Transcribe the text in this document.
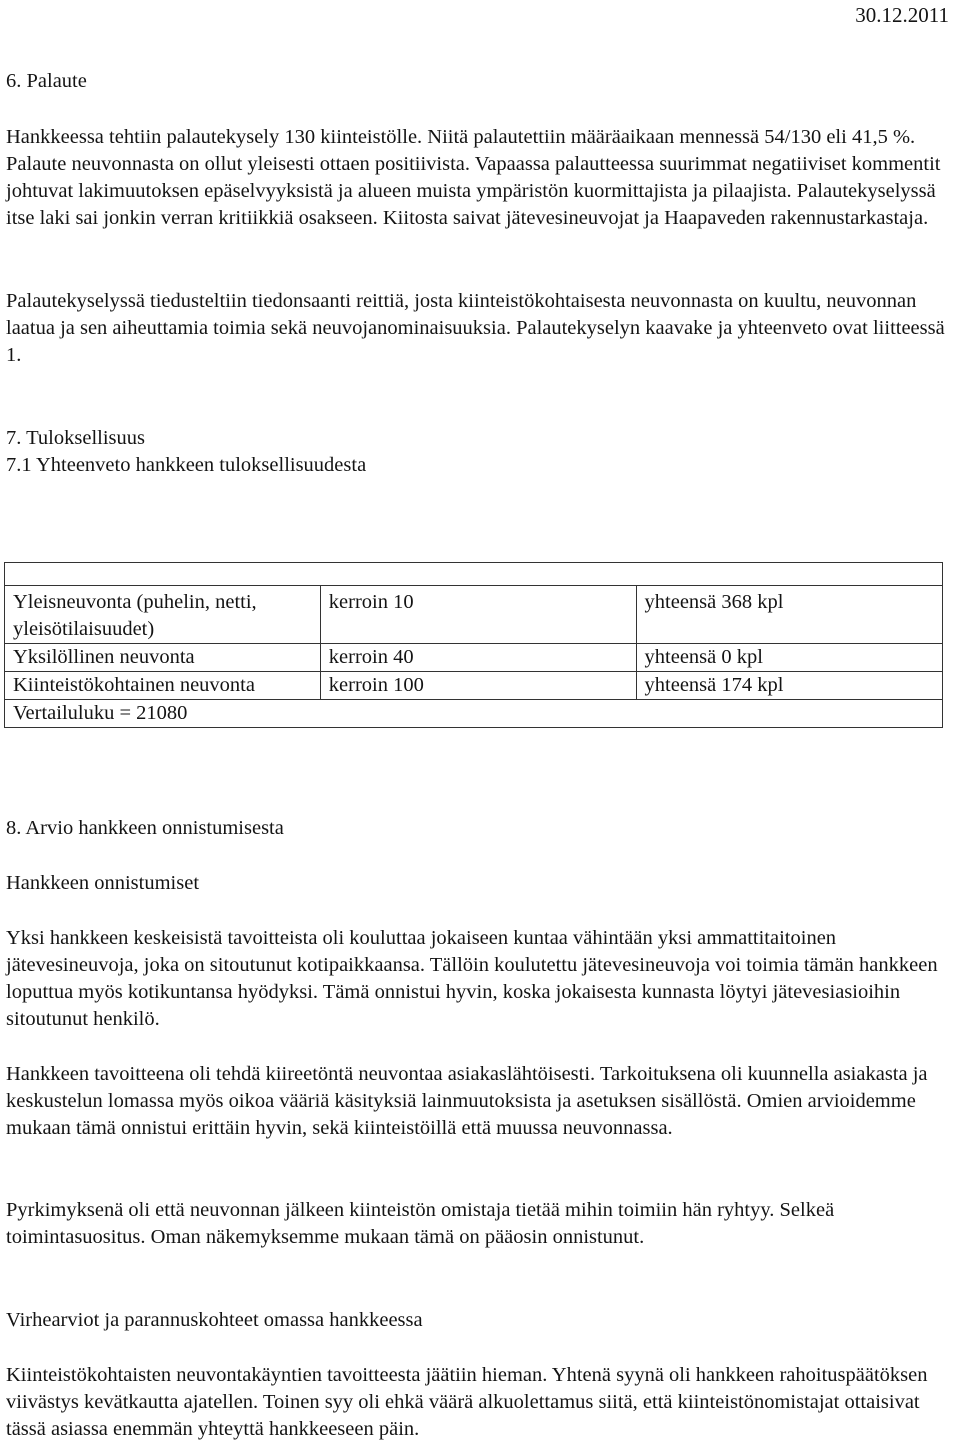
30.12.2011
6. Palaute

Hankkeessa tehtiin palautekysely 130 kiinteistölle. Niitä palautettiin määräaikaan mennessä 54/130 eli 41,5 %. Palaute neuvonnasta on ollut yleisesti ottaen positiivista. Vapaassa palautteessa suurimmat negatiiviset kommentit johtuvat lakimuutoksen epäselvyyksistä ja alueen muista ympäristön kuormittajista ja pilaajista. Palautekyselyssä itse laki sai jonkin verran kritiikkiä osakseen. Kiitosta saivat jätevesineuvojat ja Haapaveden rakennustarkastaja.

Palautekyselyssä tiedusteltiin tiedonsaanti reittiä, josta kiinteistökohtaisesta neuvonnasta on kuultu, neuvonnan laatua ja sen aiheuttamia toimia sekä neuvojanominaisuuksia. Palautekyselyn kaavake ja yhteenveto ovat liitteessä 1.

7. Tuloksellisuus
7.1 Yhteenveto hankkeen tuloksellisuudesta

Yleisneuvonta (puhelin, netti, yleisötilaisuudet)	kerroin 10	yhteensä 368 kpl
Yksilöllinen neuvonta	kerroin 40	yhteensä 0 kpl
Kiinteistökohtainen neuvonta	kerroin 100	yhteensä 174 kpl
Vertailuluku = 21080		
8. Arvio hankkeen onnistumisesta
Hankkeen onnistumiset

Yksi hankkeen keskeisistä tavoitteista oli kouluttaa jokaiseen kuntaa vähintään yksi ammattitaitoinen jätevesineuvoja, joka on sitoutunut kotipaikkaansa. Tällöin koulutettu jätevesineuvoja voi toimia tämän hankkeen loputtua myös kotikuntansa hyödyksi. Tämä onnistui hyvin, koska jokaisesta kunnasta löytyi jätevesiasioihin sitoutunut henkilö.

Hankkeen tavoitteena oli tehdä kiireetöntä neuvontaa asiakaslähtöisesti. Tarkoituksena oli kuunnella asiakasta ja keskustelun lomassa myös oikoa vääriä käsityksiä lainmuutoksista ja asetuksen sisällöstä. Omien arvioidemme mukaan tämä onnistui erittäin hyvin, sekä kiinteistöillä että muussa neuvonnassa.

Pyrkimyksenä oli että neuvonnan jälkeen kiinteistön omistaja tietää mihin toimiin hän ryhtyy. Selkeä toimintasuositus. Oman näkemyksemme mukaan tämä on pääosin onnistunut.

Virhearviot ja parannuskohteet omassa hankkeessa

Kiinteistökohtaisten neuvontakäyntien tavoitteesta jäätiin hieman. Yhtenä syynä oli hankkeen rahoituspäätöksen viivästys kevätkautta ajatellen. Toinen syy oli ehkä väärä alkuolettamus siitä, että kiinteistönomistajat ottaisivat tässä asiassa enemmän yhteyttä hankkeeseen päin.
